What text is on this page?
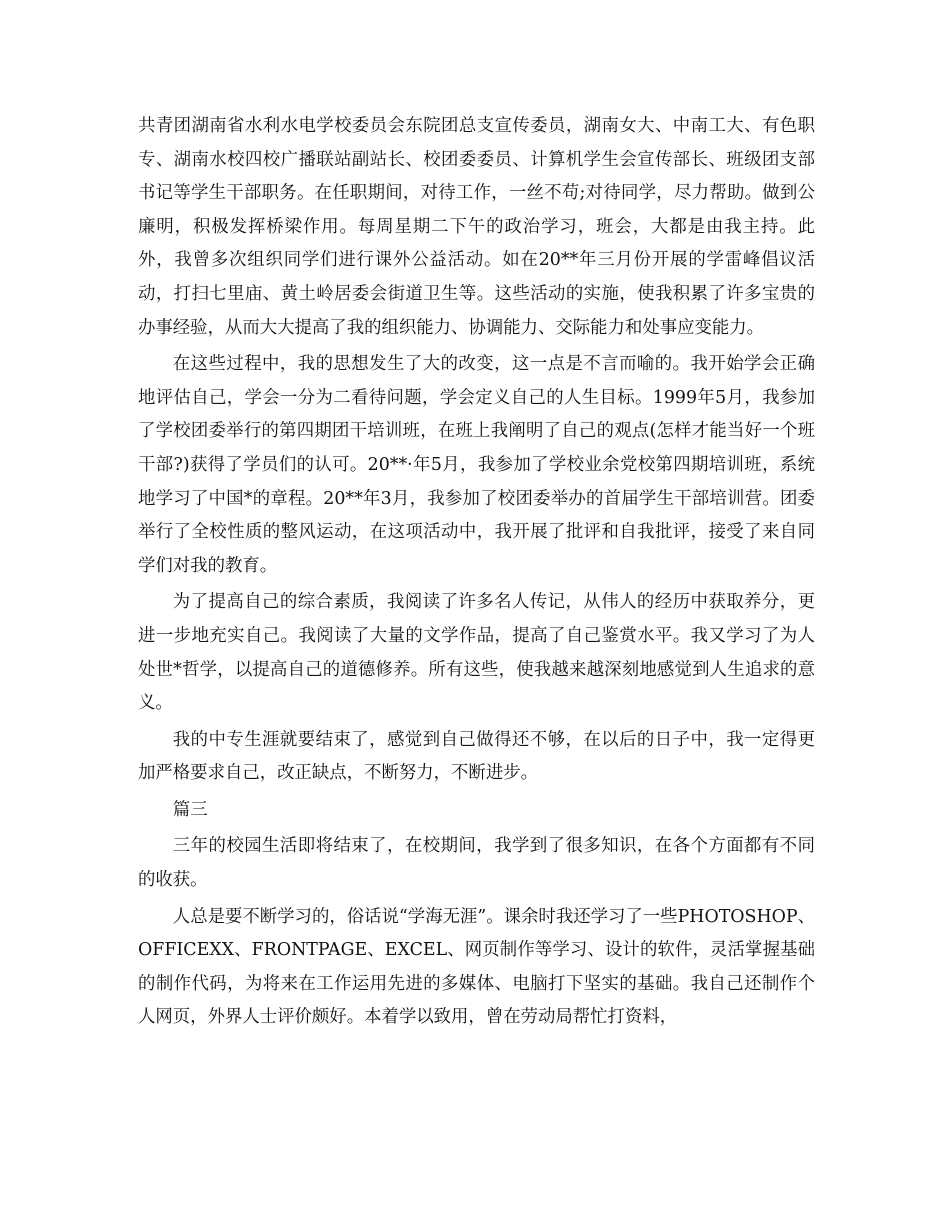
共青团湖南省水利水电学校委员会东院团总支宣传委员，湖南女大、中南工大、有色职专、湖南水校四校广播联站副站长、校团委委员、计算机学生会宣传部长、班级团支部书记等学生干部职务。在任职期间，对待工作，一丝不苟;对待同学，尽力帮助。做到公廉明，积极发挥桥梁作用。每周星期二下午的政治学习，班会，大都是由我主持。此外，我曾多次组织同学们进行课外公益活动。如在20**年三月份开展的学雷峰倡议活动，打扫七里庙、黄土岭居委会街道卫生等。这些活动的实施，使我积累了许多宝贵的办事经验，从而大大提高了我的组织能力、协调能力、交际能力和处事应变能力。

在这些过程中，我的思想发生了大的改变，这一点是不言而喻的。我开始学会正确地评估自己，学会一分为二看待问题，学会定义自己的人生目标。1999年5月，我参加了学校团委举行的第四期团干培训班，在班上我阐明了自己的观点(怎样才能当好一个班干部?)获得了学员们的认可。20**·年5月，我参加了学校业余党校第四期培训班，系统地学习了中国*的章程。20**年3月，我参加了校团委举办的首届学生干部培训营。团委举行了全校性质的整风运动，在这项活动中，我开展了批评和自我批评，接受了来自同学们对我的教育。

为了提高自己的综合素质，我阅读了许多名人传记，从伟人的经历中获取养分，更进一步地充实自己。我阅读了大量的文学作品，提高了自己鉴赏水平。我又学习了为人处世*哲学，以提高自己的道德修养。所有这些，使我越来越深刻地感觉到人生追求的意义。

我的中专生涯就要结束了，感觉到自己做得还不够，在以后的日子中，我一定得更加严格要求自己，改正缺点，不断努力，不断进步。

篇三

三年的校园生活即将结束了，在校期间，我学到了很多知识，在各个方面都有不同的收获。

人总是要不断学习的，俗话说“学海无涯”。课余时我还学习了一些PHOTOSHOP、OFFICEXX、FRONTPAGE、EXCEL、网页制作等学习、设计的软件，灵活掌握基础的制作代码，为将来在工作运用先进的多媒体、电脑打下坚实的基础。我自己还制作个人网页，外界人士评价颇好。本着学以致用，曾在劳动局帮忙打资料，
